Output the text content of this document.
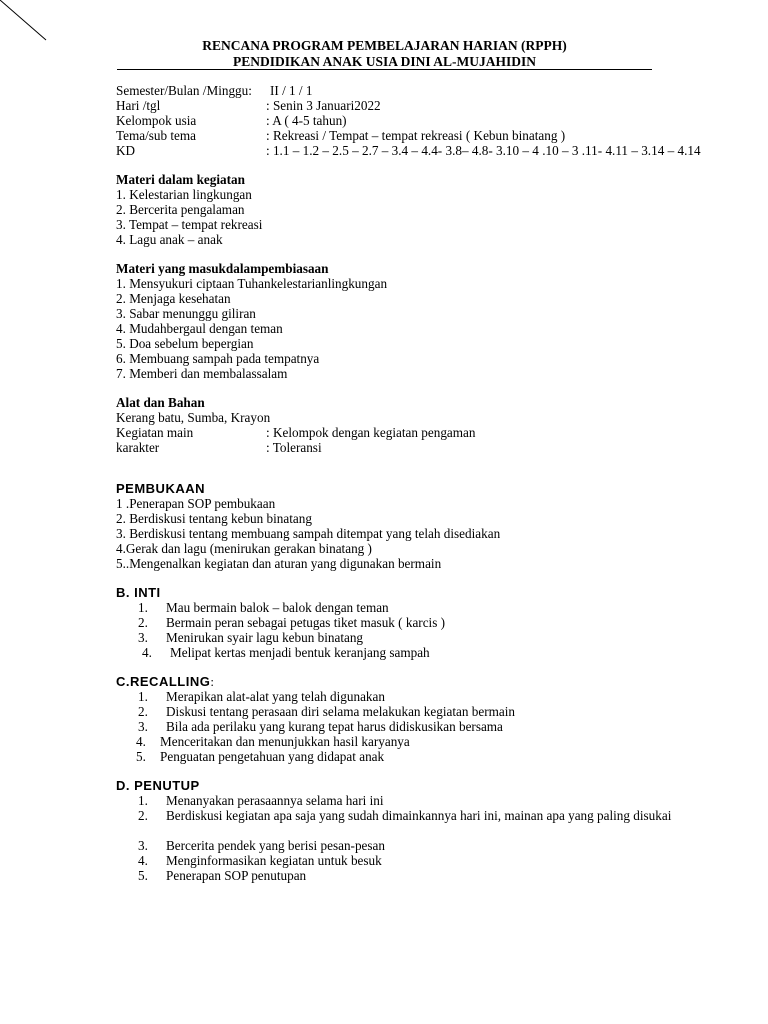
RENCANA PROGRAM PEMBELAJARAN HARIAN (RPPH)
PENDIDIKAN ANAK USIA DINI AL-MUJAHIDIN
Semester/Bulan /Minggu: II / 1 / 1
Hari /tgl	: Senin 3 Januari2022
Kelompok usia	: A ( 4-5 tahun)
Tema/sub tema	: Rekreasi / Tempat – tempat rekreasi ( Kebun binatang )
KD	: 1.1 – 1.2 – 2.5 – 2.7 – 3.4 – 4.4- 3.8– 4.8- 3.10 – 4 .10 – 3 .11- 4.11 – 3.14 – 4.14
Materi dalam kegiatan
1. Kelestarian lingkungan
2. Bercerita pengalaman
3. Tempat – tempat rekreasi
4. Lagu anak – anak
Materi yang masukdalampembiasaan
1. Mensyukuri ciptaan Tuhankelestarianlingkungan
2. Menjaga kesehatan
3. Sabar menunggu giliran
4. Mudahbergaul dengan teman
5. Doa sebelum bepergian
6. Membuang sampah pada tempatnya
7. Memberi dan membalassalam
Alat dan Bahan
Kerang batu, Sumba, Krayon
Kegiatan main	: Kelompok dengan kegiatan pengaman
karakter	: Toleransi
PEMBUKAAN
1 .Penerapan SOP pembukaan
2. Berdiskusi tentang kebun binatang
3. Berdiskusi tentang membuang sampah ditempat yang telah disediakan
4.Gerak dan lagu (menirukan gerakan binatang )
5..Mengenalkan kegiatan dan aturan yang digunakan bermain
B. INTI
1.	Mau bermain balok – balok dengan teman
2.	Bermain peran sebagai petugas tiket masuk ( karcis )
3.	Menirukan syair lagu kebun binatang
4.	Melipat kertas menjadi bentuk keranjang sampah
C.RECALLING:
1.	Merapikan alat-alat yang telah digunakan
2.	Diskusi tentang perasaan diri selama melakukan kegiatan bermain
3.	Bila ada perilaku yang kurang tepat harus didiskusikan bersama
4.	Menceritakan dan menunjukkan hasil karyanya
5.	Penguatan pengetahuan yang didapat anak
D. PENUTUP
1.	Menanyakan perasaannya selama hari ini
2.	Berdiskusi kegiatan apa saja yang sudah dimainkannya hari ini, mainan apa yang paling disukai
3.	Bercerita pendek yang berisi pesan-pesan
4.	Menginformasikan kegiatan untuk besuk
5.	Penerapan SOP penutupan
